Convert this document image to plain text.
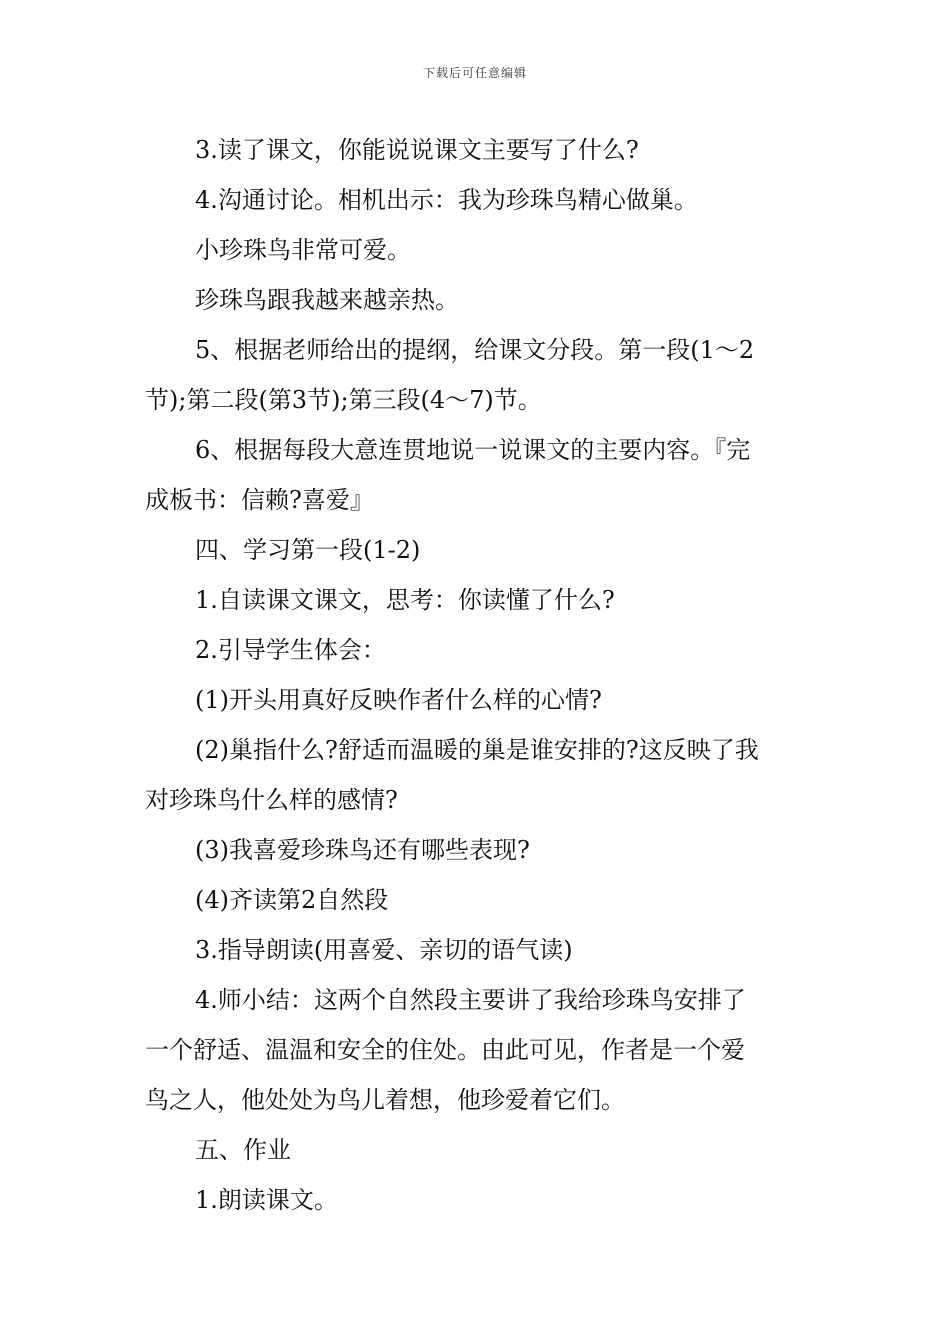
下载后可任意编辑

3.读了课文，你能说说课文主要写了什么?

4.沟通讨论。相机出示：我为珍珠鸟精心做巢。

小珍珠鸟非常可爱。

珍珠鸟跟我越来越亲热。

5、根据老师给出的提纲，给课文分段。第一段(1～2

节);第二段(第3节);第三段(4～7)节。

6、根据每段大意连贯地说一说课文的主要内容。『完

成板书：信赖?喜爱』

四、学习第一段(1-2)

1.自读课文课文，思考：你读懂了什么?

2.引导学生体会：

(1)开头用真好反映作者什么样的心情?

(2)巢指什么?舒适而温暖的巢是谁安排的?这反映了我

对珍珠鸟什么样的感情?

(3)我喜爱珍珠鸟还有哪些表现?

(4)齐读第2自然段

3.指导朗读(用喜爱、亲切的语气读)

4.师小结：这两个自然段主要讲了我给珍珠鸟安排了

一个舒适、温温和安全的住处。由此可见，作者是一个爱

鸟之人，他处处为鸟儿着想，他珍爱着它们。

五、作业

1.朗读课文。
